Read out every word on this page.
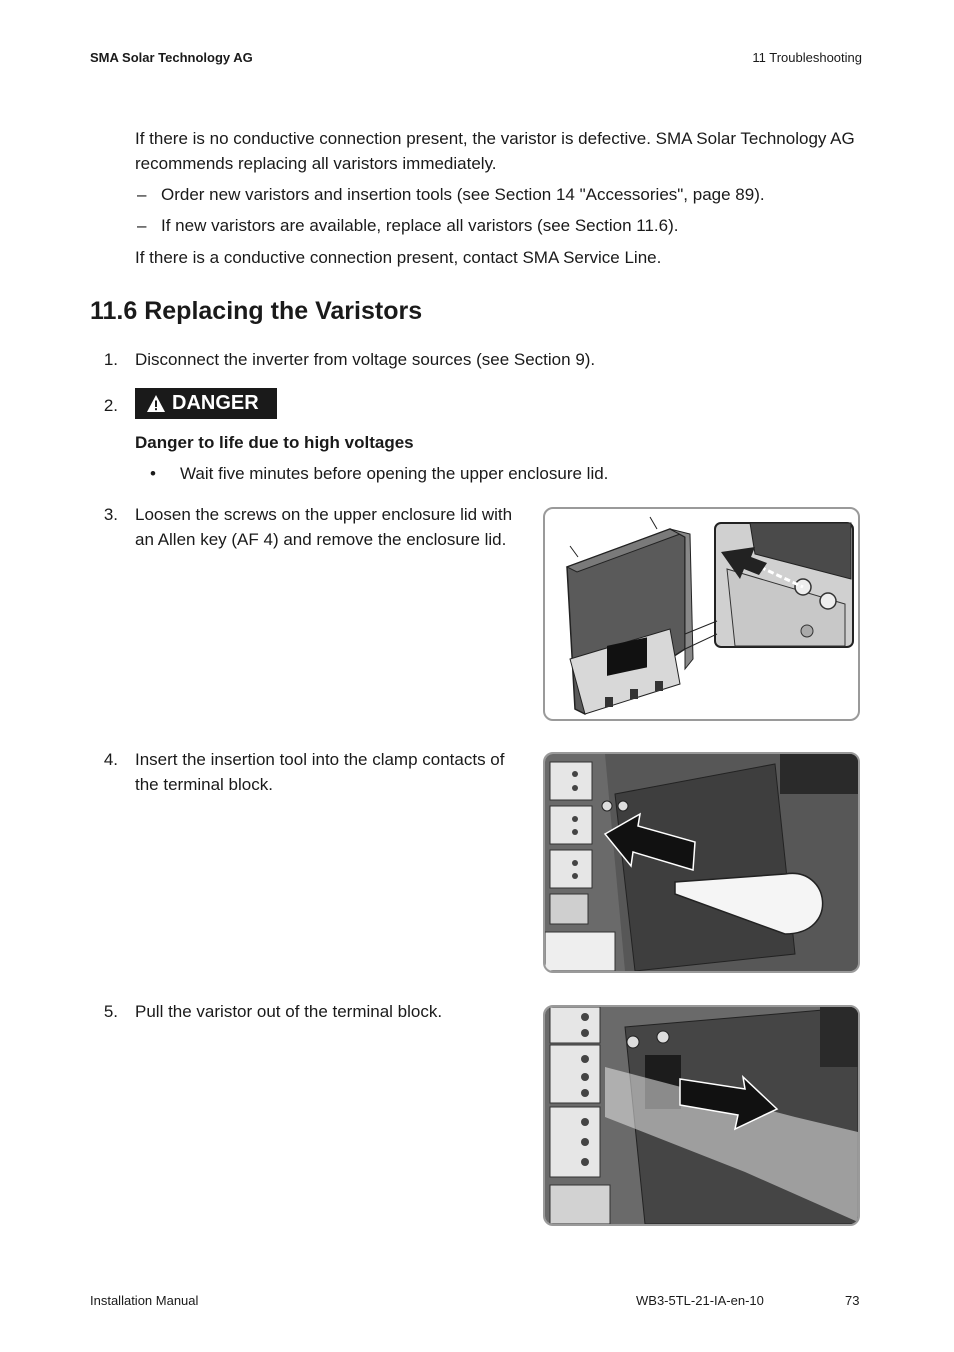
SMA Solar Technology AG	11 Troubleshooting
If there is no conductive connection present, the varistor is defective. SMA Solar Technology AG
recommends replacing all varistors immediately.
– Order new varistors and insertion tools (see Section 14 "Accessories", page 89).
– If new varistors are available, replace all varistors (see Section 11.6).
If there is a conductive connection present, contact SMA Service Line.
11.6 Replacing the Varistors
1. Disconnect the inverter from voltage sources (see Section 9).
2.	DANGER
Danger to life due to high voltages
• Wait five minutes before opening the upper enclosure lid.
3. Loosen the screws on the upper enclosure lid with
an Allen key (AF 4) and remove the enclosure lid.
4. Insert the insertion tool into the clamp contacts of
the terminal block.
5. Pull the varistor out of the terminal block.
Installation Manual	WB3-5TL-21-IA-en-10	73
